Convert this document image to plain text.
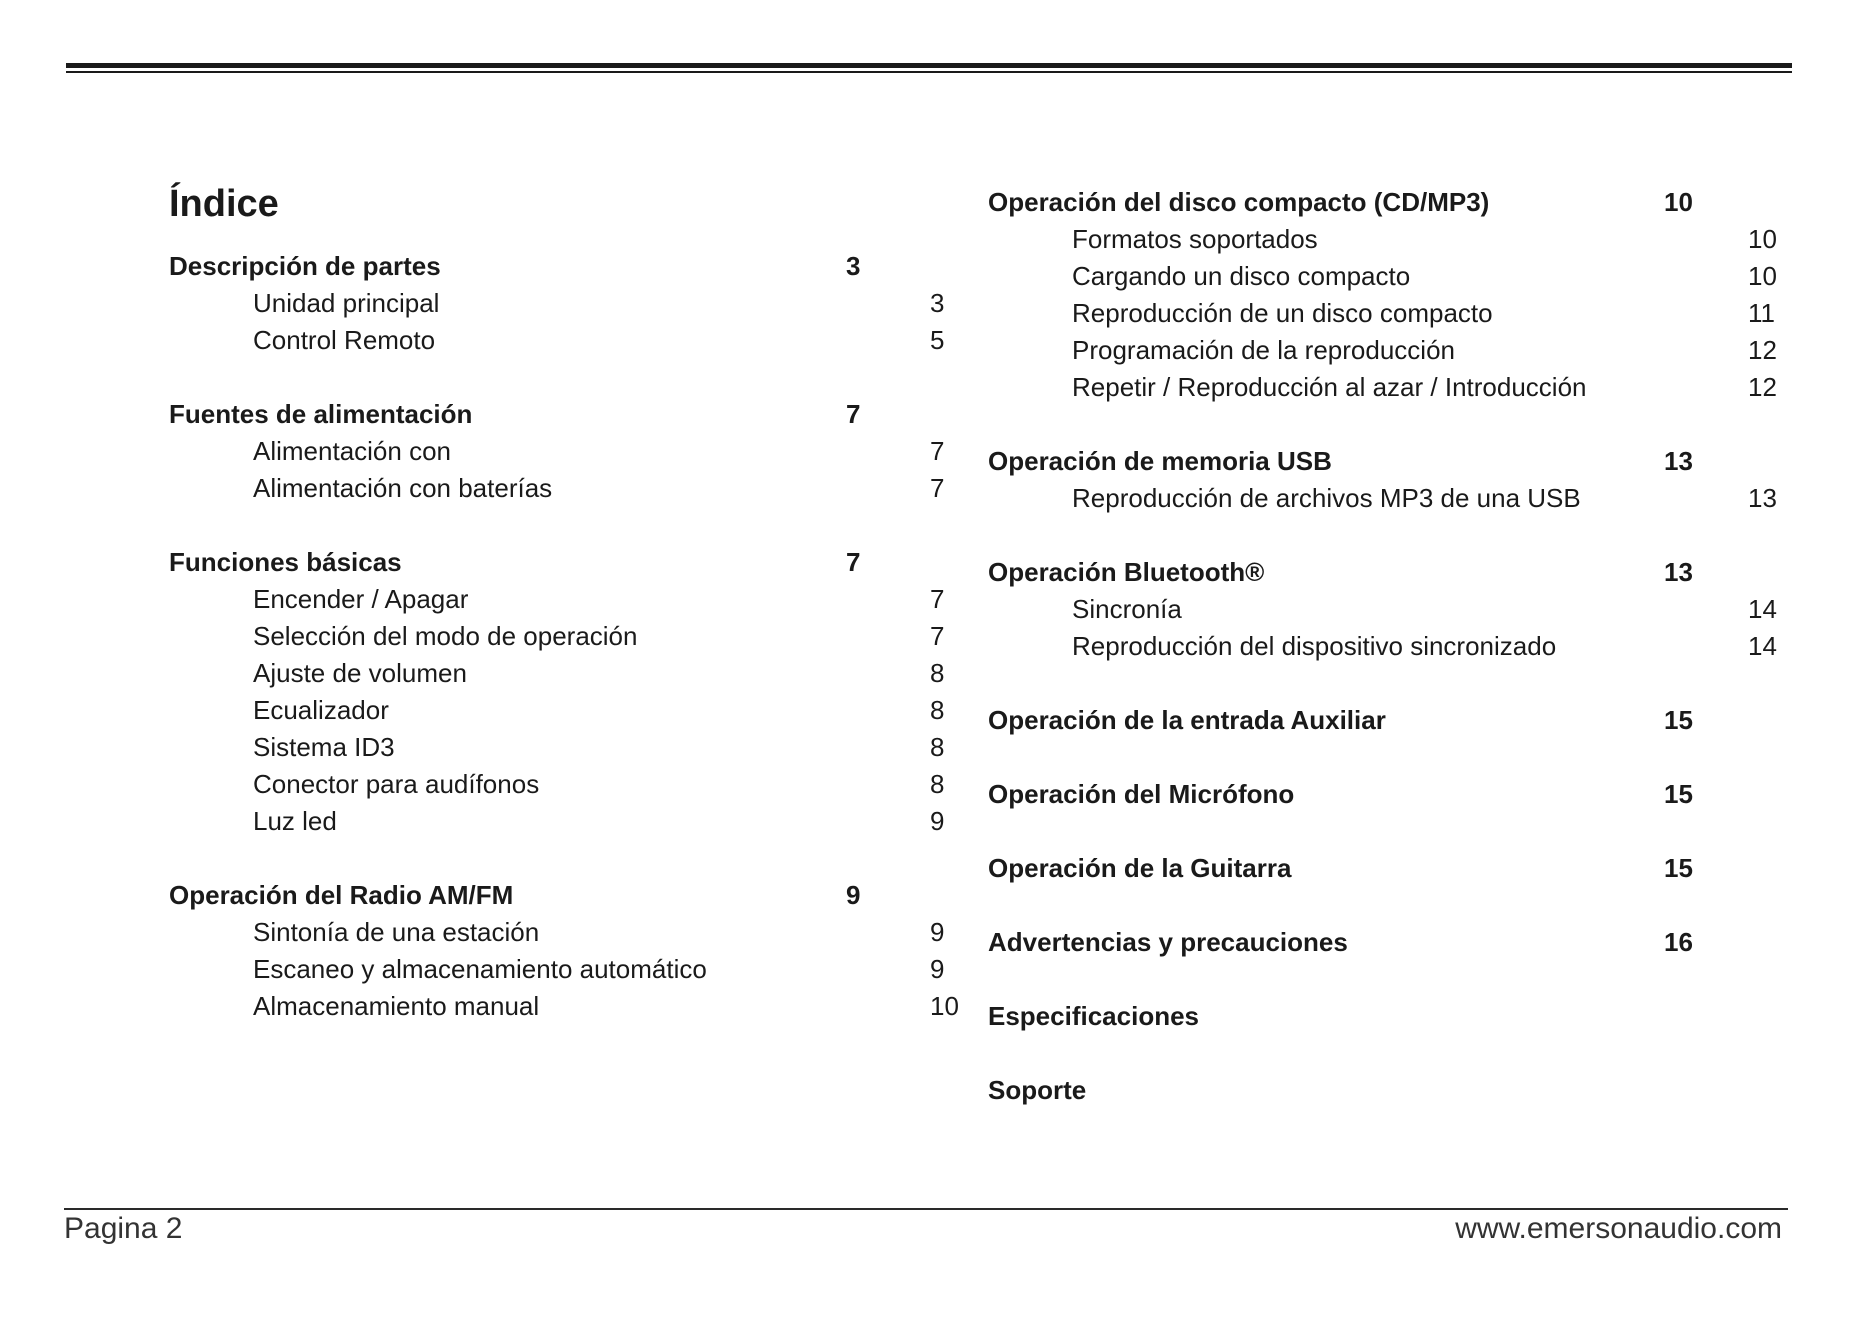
Índice
Descripción de partes	3
Unidad principal	3
Control Remoto	5
Fuentes de alimentación	7
Alimentación con	7
Alimentación con baterías	7
Funciones básicas	7
Encender / Apagar	7
Selección del modo de operación	7
Ajuste de volumen	8
Ecualizador	8
Sistema ID3	8
Conector para audífonos	8
Luz led	9
Operación del Radio AM/FM	9
Sintonía de una estación	9
Escaneo y almacenamiento automático	9
Almacenamiento manual	10
Operación del disco compacto (CD/MP3)	10
Formatos soportados	10
Cargando un disco compacto	10
Reproducción de un disco compacto	11
Programación de la reproducción	12
Repetir / Reproducción al azar / Introducción	12
Operación de memoria USB	13
Reproducción de archivos MP3 de una USB	13
Operación Bluetooth®	13
Sincronía	14
Reproducción del dispositivo sincronizado	14
Operación de la entrada Auxiliar	15
Operación del Micrófono	15
Operación de la Guitarra	15
Advertencias y precauciones	16
Especificaciones
Soporte
Pagina 2	www.emersonaudio.com
